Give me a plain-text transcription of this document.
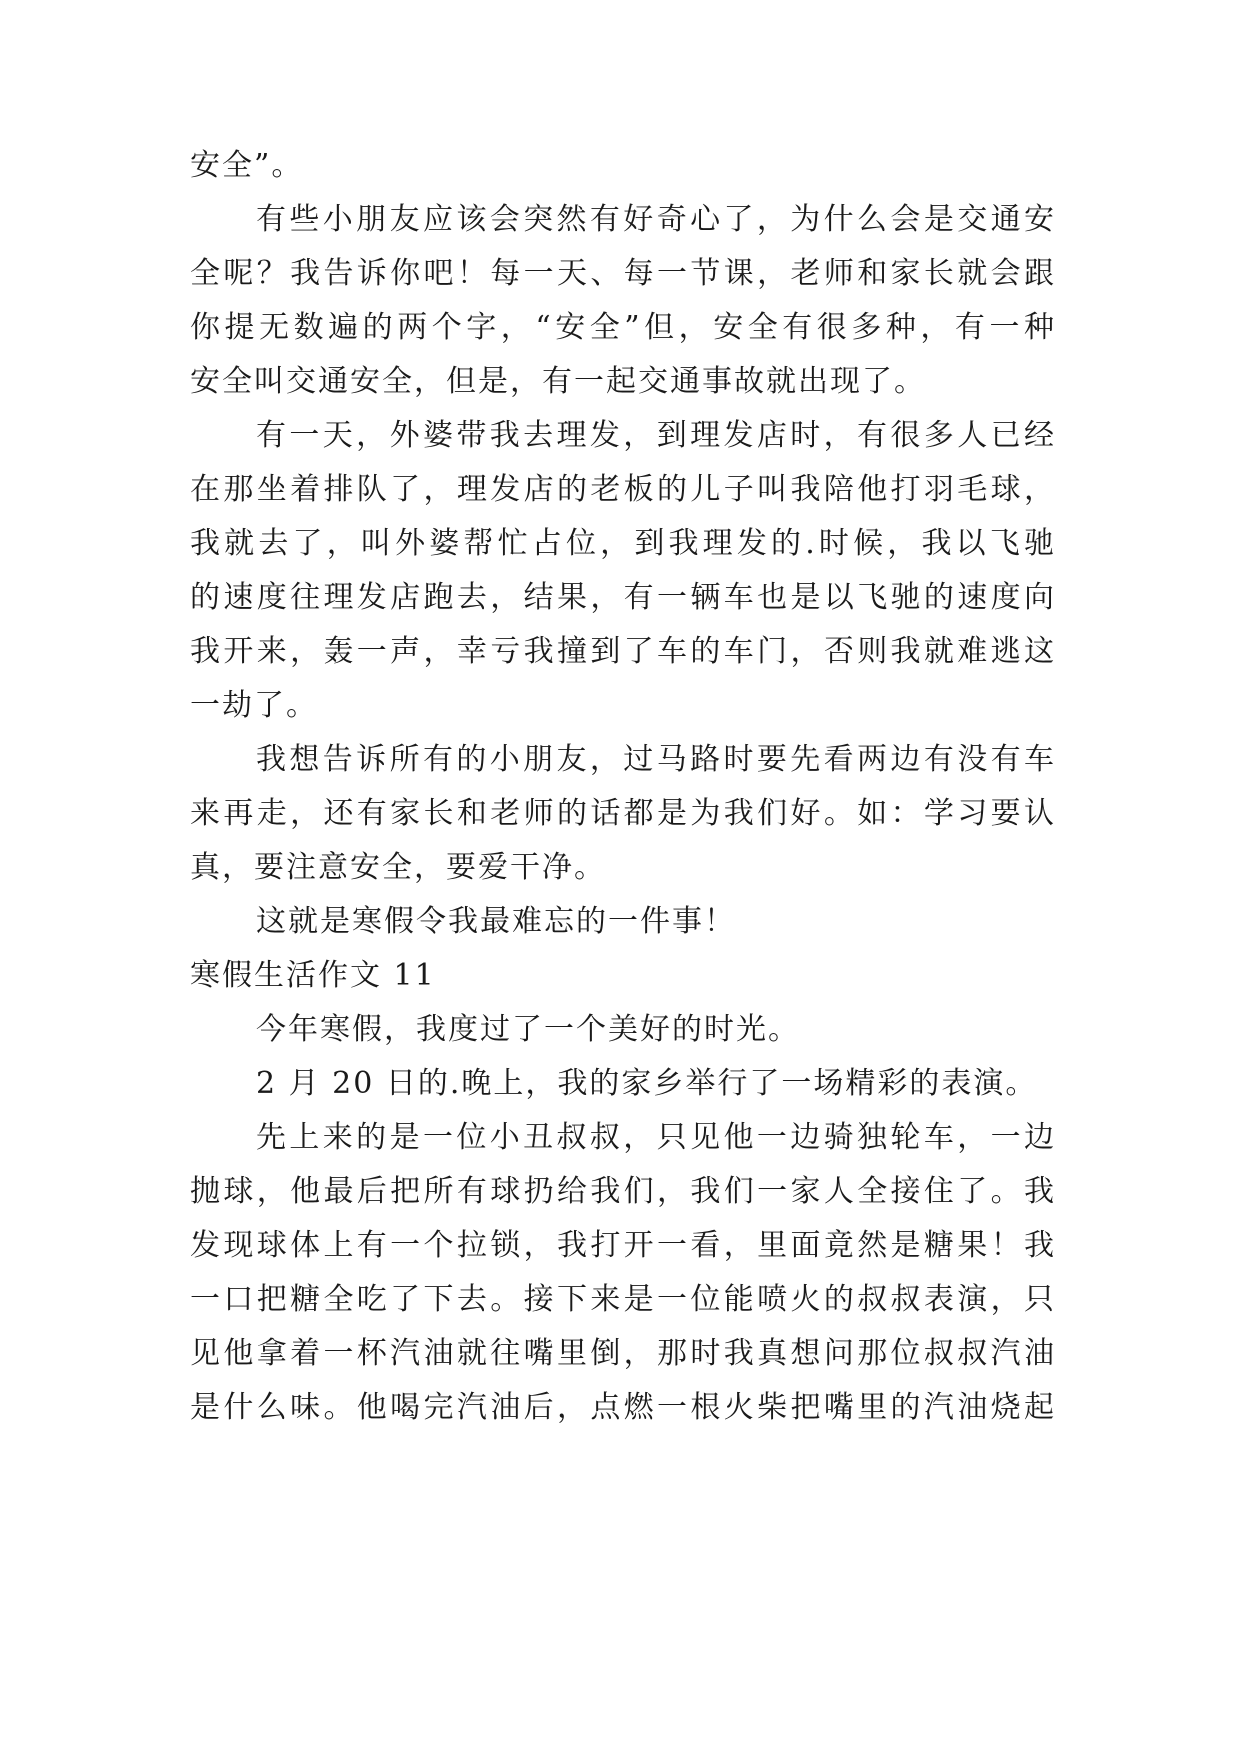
安全”。
有些小朋友应该会突然有好奇心了，为什么会是交通安
全呢？我告诉你吧！每一天、每一节课，老师和家长就会跟
你提无数遍的两个字，“安全”但，安全有很多种，有一种
安全叫交通安全，但是，有一起交通事故就出现了。
有一天，外婆带我去理发，到理发店时，有很多人已经
在那坐着排队了，理发店的老板的儿子叫我陪他打羽毛球，
我就去了，叫外婆帮忙占位，到我理发的.时候，我以飞驰
的速度往理发店跑去，结果，有一辆车也是以飞驰的速度向
我开来，轰一声，幸亏我撞到了车的车门，否则我就难逃这
一劫了。
我想告诉所有的小朋友，过马路时要先看两边有没有车
来再走，还有家长和老师的话都是为我们好。如：学习要认
真，要注意安全，要爱干净。
这就是寒假令我最难忘的一件事！
寒假生活作文 11
今年寒假，我度过了一个美好的时光。
2 月 20 日的.晚上，我的家乡举行了一场精彩的表演。
先上来的是一位小丑叔叔，只见他一边骑独轮车，一边
抛球，他最后把所有球扔给我们，我们一家人全接住了。我
发现球体上有一个拉锁，我打开一看，里面竟然是糖果！我
一口把糖全吃了下去。接下来是一位能喷火的叔叔表演，只
见他拿着一杯汽油就往嘴里倒，那时我真想问那位叔叔汽油
是什么味。他喝完汽油后，点燃一根火柴把嘴里的汽油烧起
